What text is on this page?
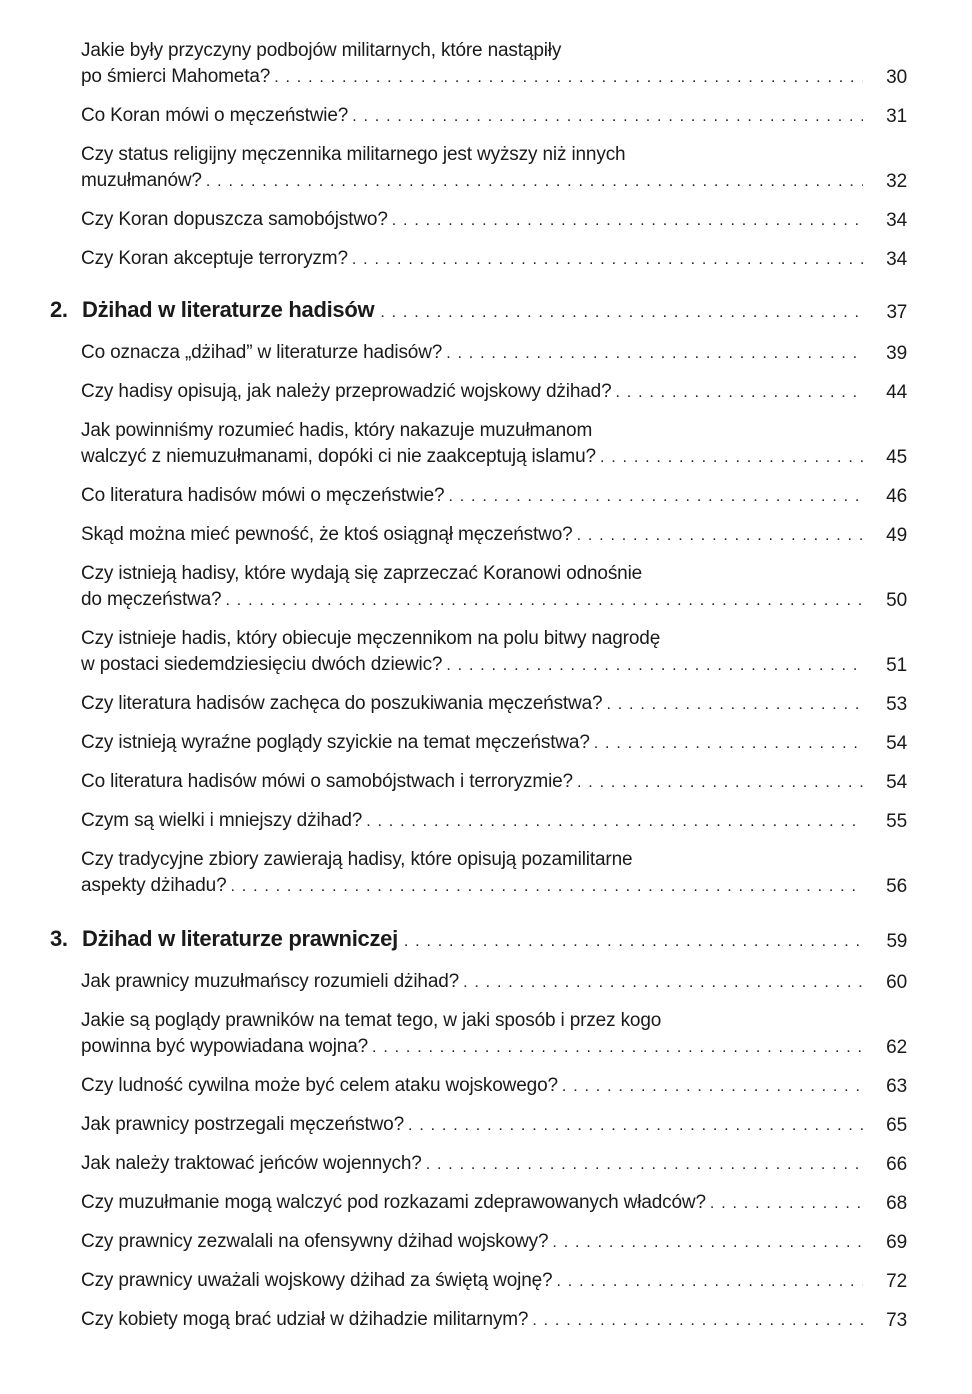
Jakie były przyczyny podbojów militarnych, które nastąpiły
po śmierci Mahometa? . . .	30
Co Koran mówi o męczeństwie? . . .	31
Czy status religijny męczennika militarnego jest wyższy niż innych
muzułmanów? . . .	32
Czy Koran dopuszcza samobójstwo? . . .	34
Czy Koran akceptuje terroryzm? . . .	34
2. Dżihad w literaturze hadisów . . .	37
Co oznacza „dżihad” w literaturze hadisów? . . .	39
Czy hadisy opisują, jak należy przeprowadzić wojskowy dżihad? . . .	44
Jak powinniśmy rozumieć hadis, który nakazuje muzułmanom
walczyć z niemuzułmanami, dopóki ci nie zaakceptują islamu? . . .	45
Co literatura hadisów mówi o męczeństwie? . . .	46
Skąd można mieć pewność, że ktoś osiągnął męczeństwo? . . .	49
Czy istnieją hadisy, które wydają się zaprzeczać Koranowi odnośnie
do męczeństwa? . . .	50
Czy istnieje hadis, który obiecuje męczennikom na polu bitwy nagrodę
w postaci siedemdziesięciu dwóch dziewic? . . .	51
Czy literatura hadisów zachęca do poszukiwania męczeństwa? . . .	53
Czy istnieją wyraźne poglądy szyickie na temat męczeństwa? . . .	54
Co literatura hadisów mówi o samobójstwach i terroryzmie? . . .	54
Czym są wielki i mniejszy dżihad? . . .	55
Czy tradycyjne zbiory zawierają hadisy, które opisują pozamilitarne
aspekty dżihadu? . . .	56
3. Dżihad w literaturze prawniczej . . .	59
Jak prawnicy muzułmańscy rozumieli dżihad? . . .	60
Jakie są poglądy prawników na temat tego, w jaki sposób i przez kogo
powinna być wypowiadana wojna? . . .	62
Czy ludność cywilna może być celem ataku wojskowego? . . .	63
Jak prawnicy postrzegali męczeństwo? . . .	65
Jak należy traktować jeńców wojennych? . . .	66
Czy muzułmanie mogą walczyć pod rozkazami zdeprawowanych władców? . . .	68
Czy prawnicy zezwalali na ofensywny dżihad wojskowy? . . .	69
Czy prawnicy uważali wojskowy dżihad za świętą wojnę? . . .	72
Czy kobiety mogą brać udział w dżihadzie militarnym? . . .	73
